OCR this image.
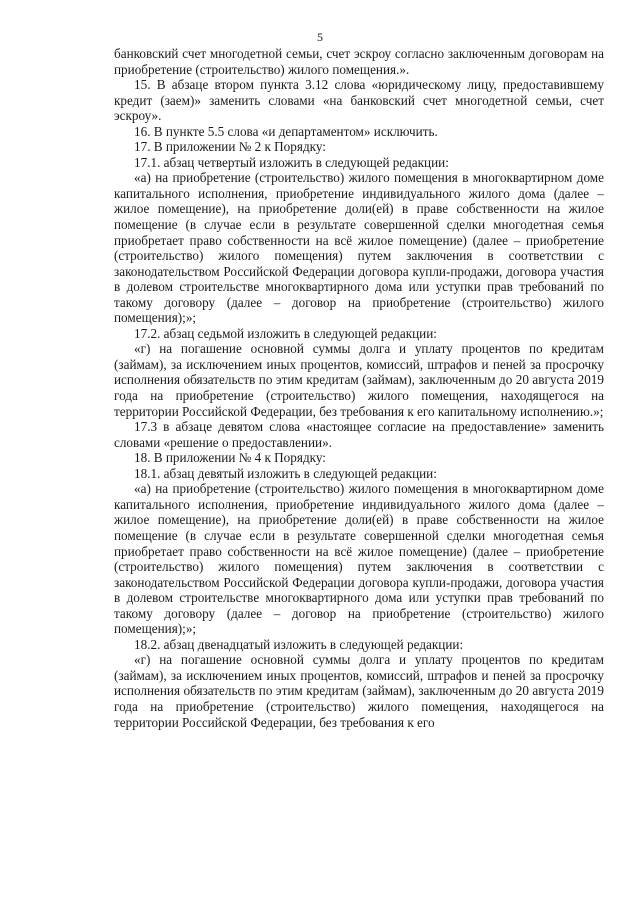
5

банковский счет многодетной семьи, счет эскроу согласно заключенным договорам на приобретение (строительство) жилого помещения.».

15. В абзаце втором пункта 3.12 слова «юридическому лицу, предоставившему кредит (заем)» заменить словами «на банковский счет многодетной семьи, счет эскроу».

16. В пункте 5.5 слова «и департаментом» исключить.

17. В приложении № 2 к Порядку:

17.1. абзац четвертый изложить в следующей редакции:

«а) на приобретение (строительство) жилого помещения в многоквартирном доме капитального исполнения, приобретение индивидуального жилого дома (далее – жилое помещение), на приобретение доли(ей) в праве собственности на жилое помещение (в случае если в результате совершенной сделки многодетная семья приобретает право собственности на всё жилое помещение) (далее – приобретение (строительство) жилого помещения) путем заключения в соответствии с законодательством Российской Федерации договора купли-продажи, договора участия в долевом строительстве многоквартирного дома или уступки прав требований по такому договору (далее – договор на приобретение (строительство) жилого помещения);»;

17.2. абзац седьмой изложить в следующей редакции:

«г) на погашение основной суммы долга и уплату процентов по кредитам (займам), за исключением иных процентов, комиссий, штрафов и пеней за просрочку исполнения обязательств по этим кредитам (займам), заключенным до 20 августа 2019 года на приобретение (строительство) жилого помещения, находящегося на территории Российской Федерации, без требования к его капитальному исполнению.»;

17.3 в абзаце девятом слова «настоящее согласие на предоставление» заменить словами «решение о предоставлении».

18. В приложении № 4 к Порядку:

18.1. абзац девятый изложить в следующей редакции:

«а) на приобретение (строительство) жилого помещения в многоквартирном доме капитального исполнения, приобретение индивидуального жилого дома (далее – жилое помещение), на приобретение доли(ей) в праве собственности на жилое помещение (в случае если в результате совершенной сделки многодетная семья приобретает право собственности на всё жилое помещение) (далее – приобретение (строительство) жилого помещения) путем заключения в соответствии с законодательством Российской Федерации договора купли-продажи, договора участия в долевом строительстве многоквартирного дома или уступки прав требований по такому договору (далее – договор на приобретение (строительство) жилого помещения);»;

18.2. абзац двенадцатый изложить в следующей редакции:

«г) на погашение основной суммы долга и уплату процентов по кредитам (займам), за исключением иных процентов, комиссий, штрафов и пеней за просрочку исполнения обязательств по этим кредитам (займам), заключенным до 20 августа 2019 года на приобретение (строительство) жилого помещения, находящегося на территории Российской Федерации, без требования к его
